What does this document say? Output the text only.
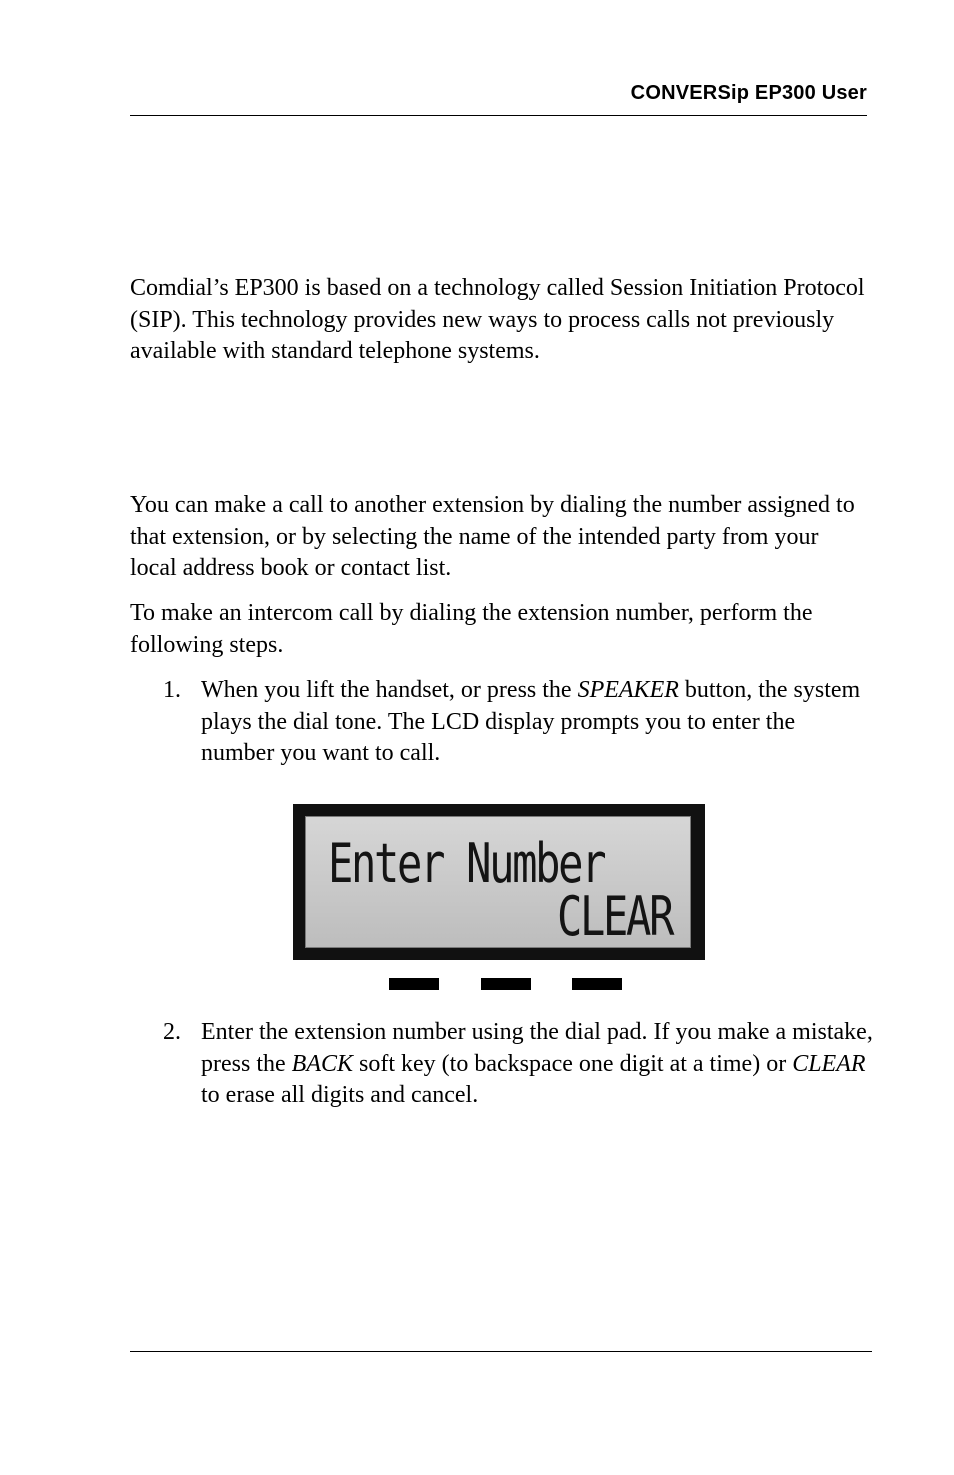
CONVERSip EP300 User

Comdial’s EP300 is based on a technology called Session Initiation Protocol (SIP). This technology provides new ways to process calls not previously available with standard telephone systems.

You can make a call to another extension by dialing the number assigned to that extension, or by selecting the name of the intended party from your local address book or contact list.

To make an intercom call by dialing the extension number, perform the following steps.

1. When you lift the handset, or press the SPEAKER button, the system plays the dial tone. The LCD display prompts you to enter the number you want to call.
Enter Number
CLEAR
2. Enter the extension number using the dial pad. If you make a mistake, press the BACK soft key (to backspace one digit at a time) or CLEAR to erase all digits and cancel.
